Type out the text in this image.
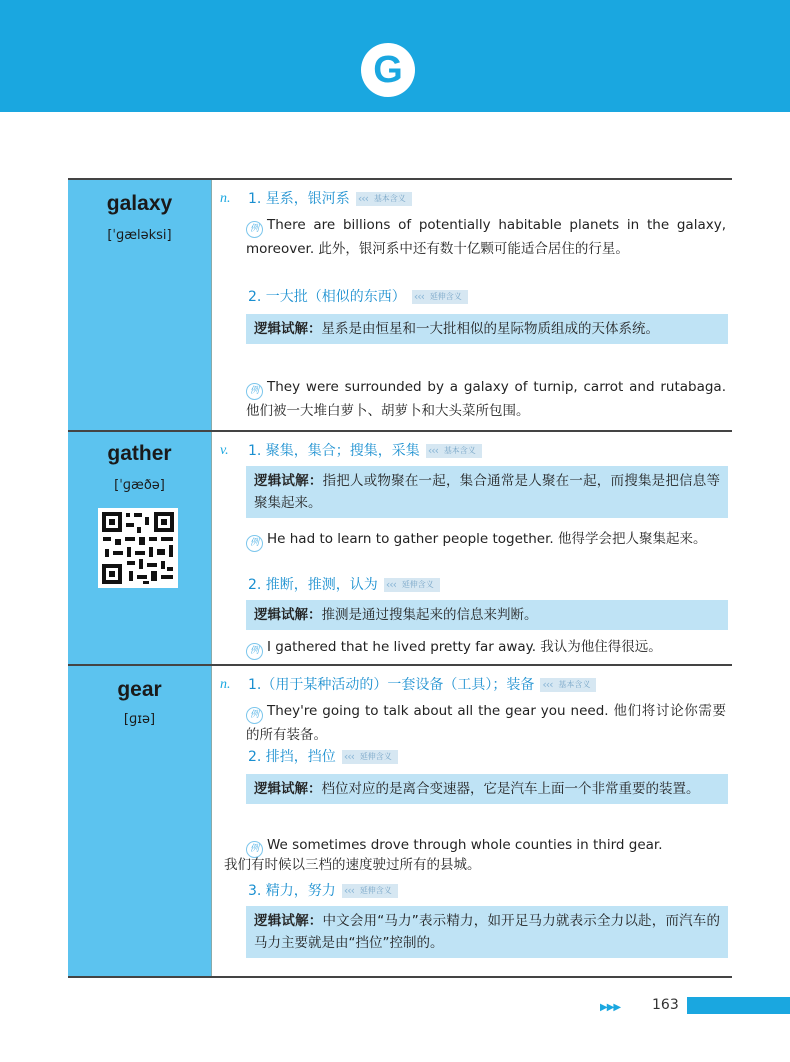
G
galaxy
[ˈɡæləksi]
n.	1. 星系，银河系	‹‹‹ 基本含义
例 There are billions of potentially habitable planets in the galaxy, moreover. 此外，银河系中还有数十亿颗可能适合居住的行星。
2. 一大批（相似的东西）	‹‹‹ 延伸含义
逻辑试解：星系是由恒星和一大批相似的星际物质组成的天体系统。
例 They were surrounded by a galaxy of turnip, carrot and rutabaga. 他们被一大堆白萝卜、胡萝卜和大头菜所包围。
gather
[ˈɡæðə]
v.	1. 聚集，集合；搜集，采集	‹‹‹ 基本含义
逻辑试解：指把人或物聚在一起，集合通常是人聚在一起，而搜集是把信息等聚集起来。
例 He had to learn to gather people together. 他得学会把人聚集起来。
2. 推断，推测，认为	‹‹‹ 延伸含义
逻辑试解：推测是通过搜集起来的信息来判断。
例 I gathered that he lived pretty far away. 我认为他住得很远。
gear
[ɡɪə]
n.	1.（用于某种活动的）一套设备（工具）；装备	‹‹‹ 基本含义
例 They're going to talk about all the gear you need. 他们将讨论你需要的所有装备。
2. 排挡，挡位	‹‹‹ 延伸含义
逻辑试解：档位对应的是离合变速器，它是汽车上面一个非常重要的装置。
例 We sometimes drove through whole counties in third gear.
我们有时候以三档的速度驶过所有的县城。
3. 精力，努力	‹‹‹ 延伸含义
逻辑试解：中文会用“马力”表示精力，如开足马力就表示全力以赴，而汽车的马力主要就是由“挡位”控制的。
▶▶▶ 163
